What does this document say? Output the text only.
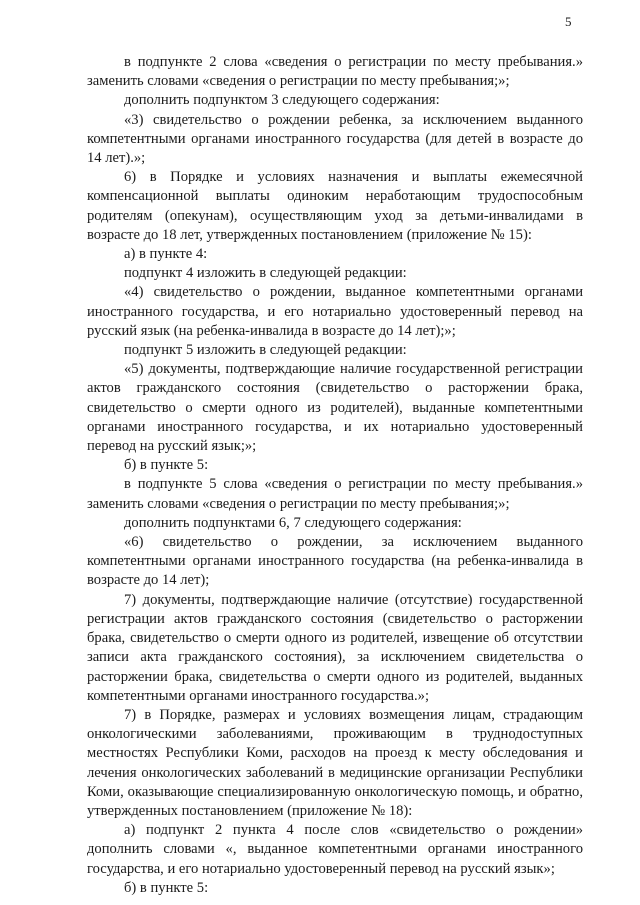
5

в подпункте 2 слова «сведения о регистрации по месту пребывания.» заменить словами «сведения о регистрации по месту пребывания;»;

дополнить подпунктом 3 следующего содержания:

«3) свидетельство о рождении ребенка, за исключением выданного компетентными органами иностранного государства (для детей в возрасте до 14 лет).»;

6) в Порядке и условиях назначения и выплаты ежемесячной компенсационной выплаты одиноким неработающим трудоспособным родителям (опекунам), осуществляющим уход за детьми-инвалидами в возрасте до 18 лет, утвержденных постановлением (приложение № 15):

а) в пункте 4:

подпункт 4 изложить в следующей редакции:

«4) свидетельство о рождении, выданное компетентными органами иностранного государства, и его нотариально удостоверенный перевод на русский язык (на ребенка-инвалида в возрасте до 14 лет);»;

подпункт 5 изложить в следующей редакции:

«5) документы, подтверждающие наличие государственной регистрации актов гражданского состояния (свидетельство о расторжении брака, свидетельство о смерти одного из родителей), выданные компетентными органами иностранного государства, и их нотариально удостоверенный перевод на русский язык;»;

б) в пункте 5:

в подпункте 5 слова «сведения о регистрации по месту пребывания.» заменить словами «сведения о регистрации по месту пребывания;»;

дополнить подпунктами 6, 7 следующего содержания:

«6) свидетельство о рождении, за исключением выданного компетентными органами иностранного государства (на ребенка-инвалида в возрасте до 14 лет);

7) документы, подтверждающие наличие (отсутствие) государственной регистрации актов гражданского состояния (свидетельство о расторжении брака, свидетельство о смерти одного из родителей, извещение об отсутствии записи акта гражданского состояния), за исключением свидетельства о расторжении брака, свидетельства о смерти одного из родителей, выданных компетентными органами иностранного государства.»;

7) в Порядке, размерах и условиях возмещения лицам, страдающим онкологическими заболеваниями, проживающим в труднодоступных местностях Республики Коми, расходов на проезд к месту обследования и лечения онкологических заболеваний в медицинские организации Республики Коми, оказывающие специализированную онкологическую помощь, и обратно, утвержденных постановлением (приложение № 18):

а) подпункт 2 пункта 4 после слов «свидетельство о рождении» дополнить словами «, выданное компетентными органами иностранного государства, и его нотариально удостоверенный перевод на русский язык»;

б) в пункте 5:
